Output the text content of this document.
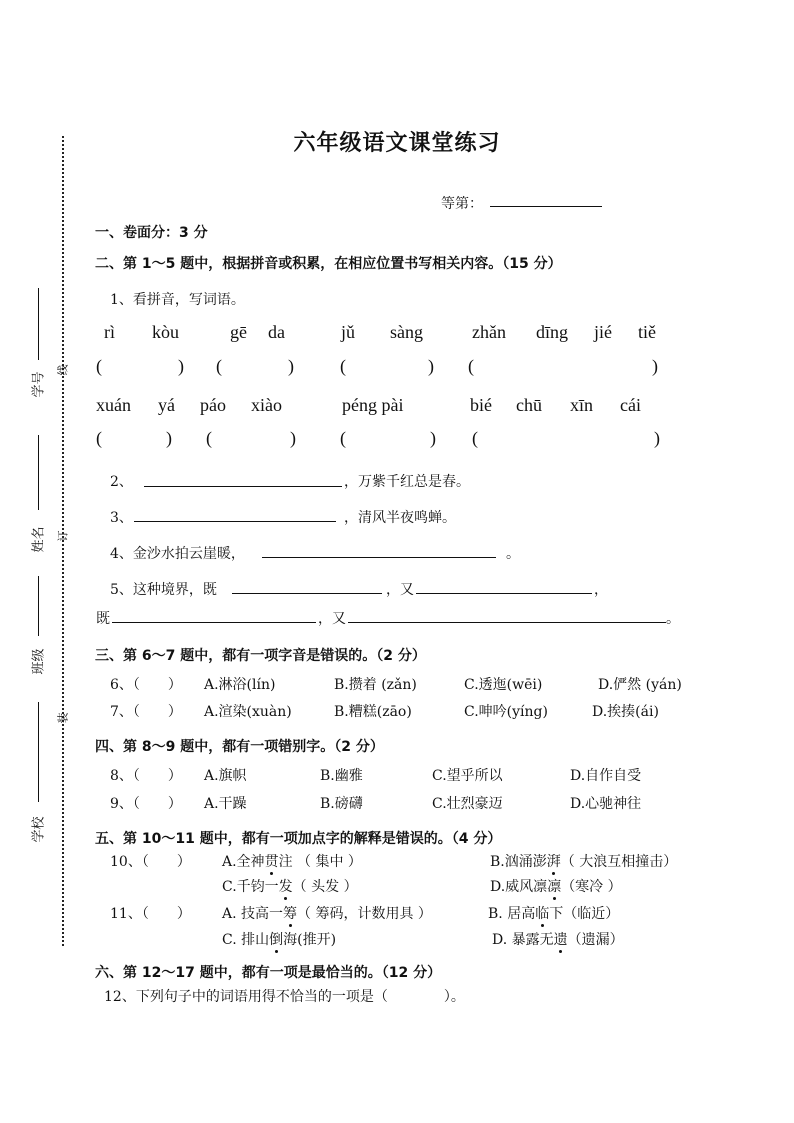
六年级语文课堂练习
等第：
学号
姓名
班级
学校
线
订
装
一、卷面分：3 分
二、第 1～5 题中，根据拼音或积累，在相应位置书写相关内容。（15 分）
1、看拼音，写词语。
rì kòu	gē da	jǔ sàng	zhǎn dīng jié tiě
(	) (	)	(	) (	)
xuán yá páo xiào	péng pài	bié chū xīn cái
(	) (	) (	) (	)
2、	，万紫千红总是春。
3、	，清风半夜鸣蝉。
4、金沙水拍云崖暖，	。
5、这种境界，既	，又	，
既	，又	。
三、第 6～7 题中，都有一项字音是错误的。（2 分）
6、（　　） A.淋浴(lín)	B.攒着 (zǎn)	C.透迤(wēi)	D.俨然 (yán)
7、（　　） A.渲染(xuàn)	B.糟糕(zāo)	C.呻吟(yíng)	D.挨揍(ái)
四、第 8～9 题中，都有一项错别字。（2 分）
8、（　　） A.旗帜	B.幽雅	C.望乎所以	D.自作自受
9、（　　） A.干躁	B.磅礴	C.壮烈豪迈	D.心驰神往
五、第 10～11 题中，都有一项加点字的解释是错误的。（4 分）
10、（　　） A.全神贯注 （ 集中 ）	B.汹涌澎湃（ 大浪互相撞击）
C.千钧一发（ 头发 ）	D.威风凛凛（寒冷 ）
11、（　　） A. 技高一筹（ 筹码，计数用具 ）	B. 居高临下（临近）
C. 排山倒海(推开)	D. 暴露无遗（遗漏）
六、第 12～17 题中，都有一项是最恰当的。（12 分）
12、下列句子中的词语用得不恰当的一项是（　　　　）。
